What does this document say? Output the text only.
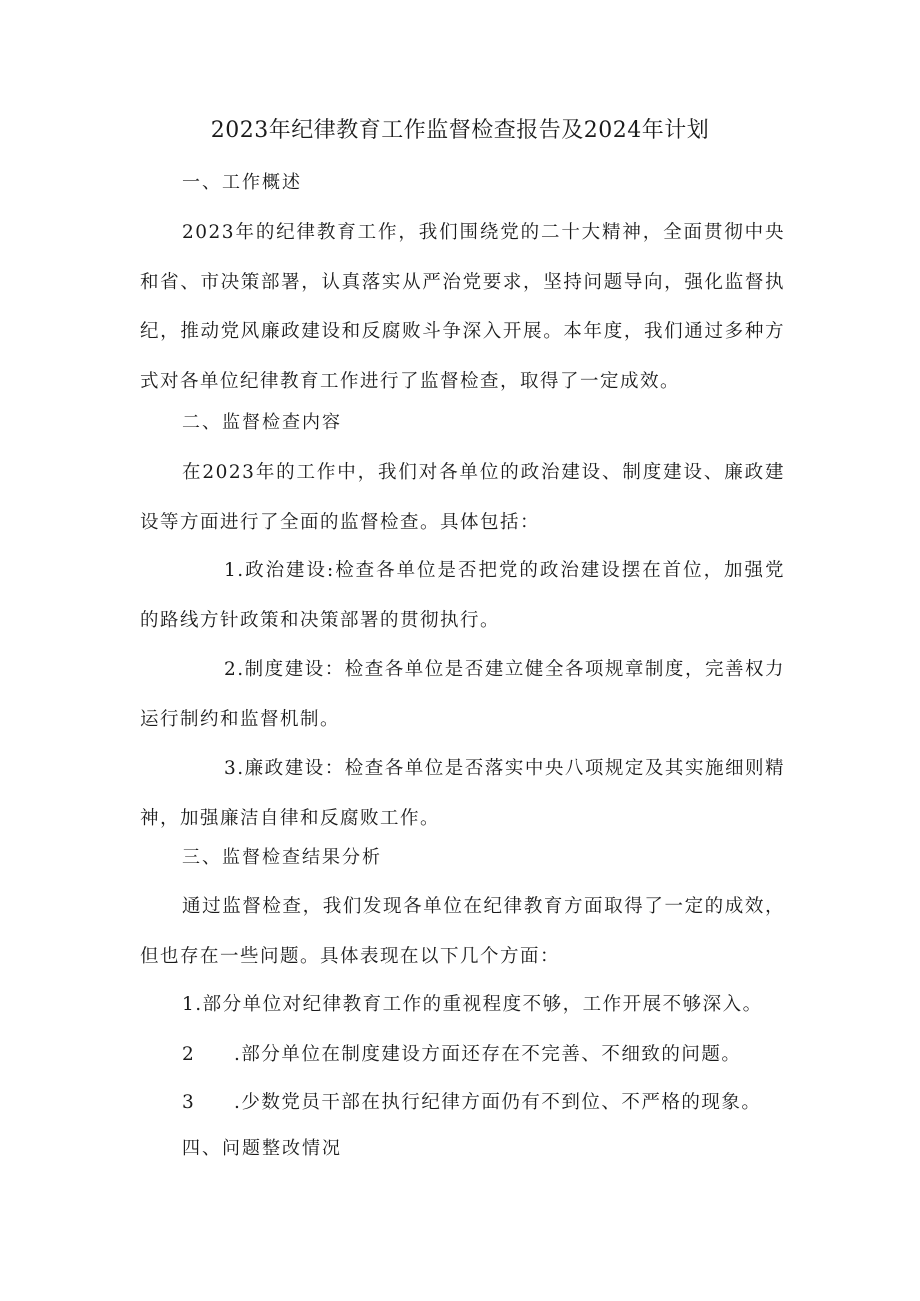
2023年纪律教育工作监督检查报告及2024年计划
一、工作概述
2023年的纪律教育工作，我们围绕党的二十大精神，全面贯彻中央和省、市决策部署，认真落实从严治党要求，坚持问题导向，强化监督执纪，推动党风廉政建设和反腐败斗争深入开展。本年度，我们通过多种方式对各单位纪律教育工作进行了监督检查，取得了一定成效。
二、监督检查内容
在2023年的工作中，我们对各单位的政治建设、制度建设、廉政建设等方面进行了全面的监督检查。具体包括：
1.政治建设:检查各单位是否把党的政治建设摆在首位，加强党的路线方针政策和决策部署的贯彻执行。
2.制度建设：检查各单位是否建立健全各项规章制度，完善权力运行制约和监督机制。
3.廉政建设：检查各单位是否落实中央八项规定及其实施细则精神，加强廉洁自律和反腐败工作。
三、监督检查结果分析
通过监督检查，我们发现各单位在纪律教育方面取得了一定的成效，但也存在一些问题。具体表现在以下几个方面：
1.部分单位对纪律教育工作的重视程度不够，工作开展不够深入。
2 .部分单位在制度建设方面还存在不完善、不细致的问题。
3 .少数党员干部在执行纪律方面仍有不到位、不严格的现象。
四、问题整改情况
